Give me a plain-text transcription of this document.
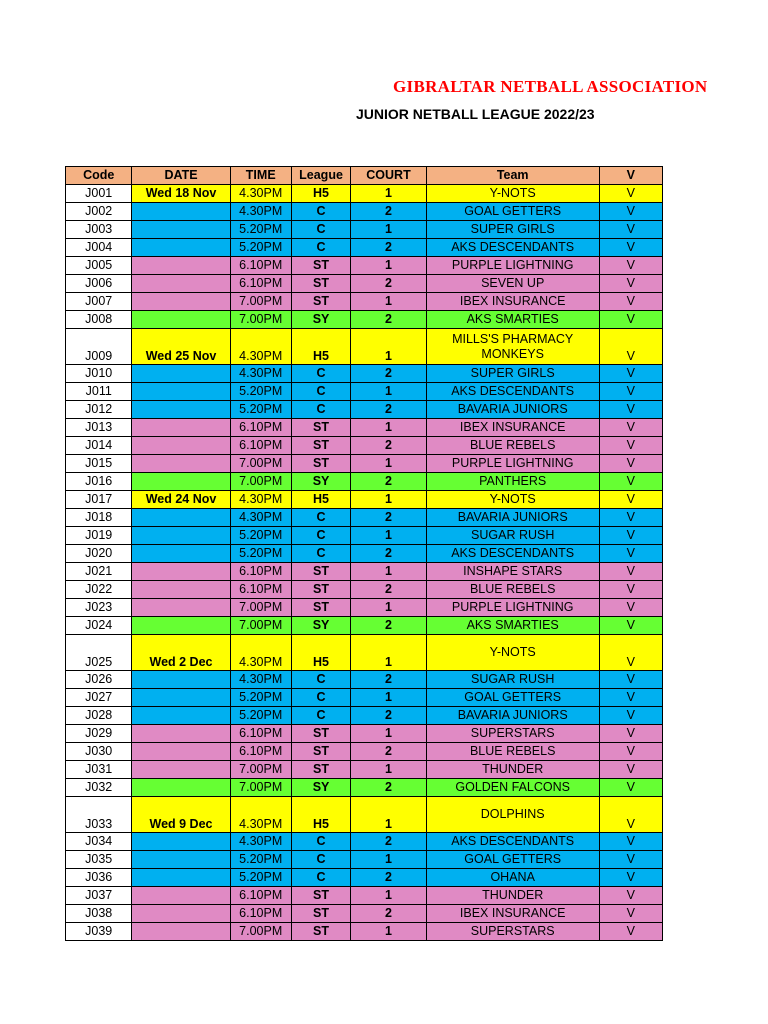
GIBRALTAR NETBALL ASSOCIATION
JUNIOR NETBALL LEAGUE 2022/23
Code	DATE	TIME	League	COURT	Team	V
J001	Wed 18 Nov	4.30PM	H5	1	Y-NOTS	V
J002		4.30PM	C	2	GOAL GETTERS	V
J003		5.20PM	C	1	SUPER GIRLS	V
J004		5.20PM	C	2	AKS DESCENDANTS	V
J005		6.10PM	ST	1	PURPLE LIGHTNING	V
J006		6.10PM	ST	2	SEVEN UP	V
J007		7.00PM	ST	1	IBEX INSURANCE	V
J008		7.00PM	SY	2	AKS SMARTIES	V
J009	Wed 25 Nov	4.30PM	H5	1	MILLS'S PHARMACY MONKEYS	V
J010		4.30PM	C	2	SUPER GIRLS	V
J011		5.20PM	C	1	AKS DESCENDANTS	V
J012		5.20PM	C	2	BAVARIA JUNIORS	V
J013		6.10PM	ST	1	IBEX INSURANCE	V
J014		6.10PM	ST	2	BLUE REBELS	V
J015		7.00PM	ST	1	PURPLE LIGHTNING	V
J016		7.00PM	SY	2	PANTHERS	V
J017	Wed 24 Nov	4.30PM	H5	1	Y-NOTS	V
J018		4.30PM	C	2	BAVARIA JUNIORS	V
J019		5.20PM	C	1	SUGAR RUSH	V
J020		5.20PM	C	2	AKS DESCENDANTS	V
J021		6.10PM	ST	1	INSHAPE STARS	V
J022		6.10PM	ST	2	BLUE REBELS	V
J023		7.00PM	ST	1	PURPLE LIGHTNING	V
J024		7.00PM	SY	2	AKS SMARTIES	V
J025	Wed 2 Dec	4.30PM	H5	1	Y-NOTS	V
J026		4.30PM	C	2	SUGAR RUSH	V
J027		5.20PM	C	1	GOAL GETTERS	V
J028		5.20PM	C	2	BAVARIA JUNIORS	V
J029		6.10PM	ST	1	SUPERSTARS	V
J030		6.10PM	ST	2	BLUE REBELS	V
J031		7.00PM	ST	1	THUNDER	V
J032		7.00PM	SY	2	GOLDEN FALCONS	V
J033	Wed 9 Dec	4.30PM	H5	1	DOLPHINS	V
J034		4.30PM	C	2	AKS DESCENDANTS	V
J035		5.20PM	C	1	GOAL GETTERS	V
J036		5.20PM	C	2	OHANA	V
J037		6.10PM	ST	1	THUNDER	V
J038		6.10PM	ST	2	IBEX INSURANCE	V
J039		7.00PM	ST	1	SUPERSTARS	V
